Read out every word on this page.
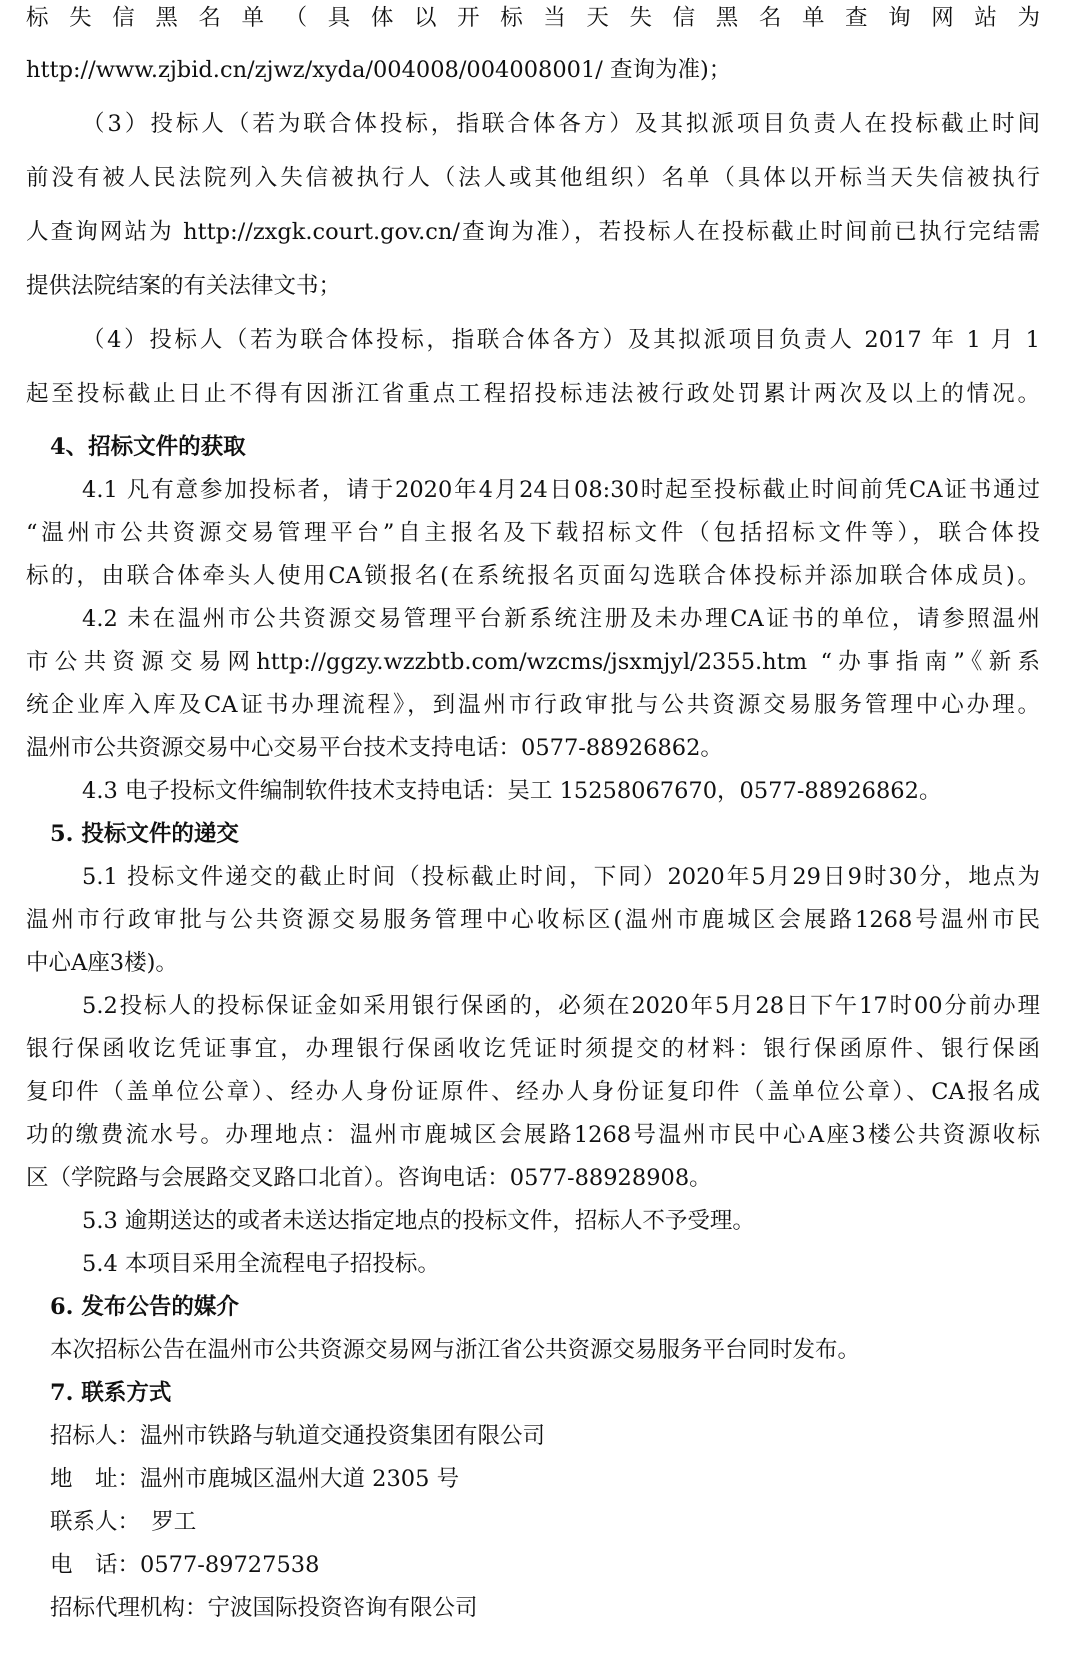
标失信黑名单（具体以开标当天失信黑名单查询网站为
http://www.zjbid.cn/zjwz/xyda/004008/004008001/ 查询为准)；
（3）投标人（若为联合体投标，指联合体各方）及其拟派项目负责人在投标截止时间
前没有被人民法院列入失信被执行人（法人或其他组织）名单（具体以开标当天失信被执行
人查询网站为 http://zxgk.court.gov.cn/查询为准），若投标人在投标截止时间前已执行完结需
提供法院结案的有关法律文书；
（4）投标人（若为联合体投标，指联合体各方）及其拟派项目负责人 2017 年 1 月 1
起至投标截止日止不得有因浙江省重点工程招投标违法被行政处罚累计两次及以上的情况。
4、招标文件的获取
4.1 凡有意参加投标者，请于2020年4月24日08:30时起至投标截止时间前凭CA证书通过
“温州市公共资源交易管理平台”自主报名及下载招标文件（包括招标文件等），联合体投
标的，由联合体牵头人使用CA锁报名(在系统报名页面勾选联合体投标并添加联合体成员)。
4.2 未在温州市公共资源交易管理平台新系统注册及未办理CA证书的单位，请参照温州
市公共资源交易网http://ggzy.wzzbtb.com/wzcms/jsxmjyl/2355.htm “办事指南”《新系
统企业库入库及CA证书办理流程》，到温州市行政审批与公共资源交易服务管理中心办理。
温州市公共资源交易中心交易平台技术支持电话：0577-88926862。
4.3 电子投标文件编制软件技术支持电话：吴工 15258067670，0577-88926862。
5. 投标文件的递交
5.1 投标文件递交的截止时间（投标截止时间，下同）2020年5月29日9时30分，地点为
温州市行政审批与公共资源交易服务管理中心收标区(温州市鹿城区会展路1268号温州市民
中心A座3楼)。
5.2投标人的投标保证金如采用银行保函的，必须在2020年5月28日下午17时00分前办理
银行保函收讫凭证事宜，办理银行保函收讫凭证时须提交的材料：银行保函原件、银行保函
复印件（盖单位公章）、经办人身份证原件、经办人身份证复印件（盖单位公章）、CA报名成
功的缴费流水号。办理地点：温州市鹿城区会展路1268号温州市民中心A座3楼公共资源收标
区（学院路与会展路交叉路口北首）。咨询电话：0577-88928908。
5.3 逾期送达的或者未送达指定地点的投标文件，招标人不予受理。
5.4 本项目采用全流程电子招投标。
6. 发布公告的媒介
本次招标公告在温州市公共资源交易网与浙江省公共资源交易服务平台同时发布。
7. 联系方式
招标人：温州市铁路与轨道交通投资集团有限公司
地　址：温州市鹿城区温州大道 2305 号
联系人：　罗工
电　话：0577-89727538
招标代理机构：宁波国际投资咨询有限公司
